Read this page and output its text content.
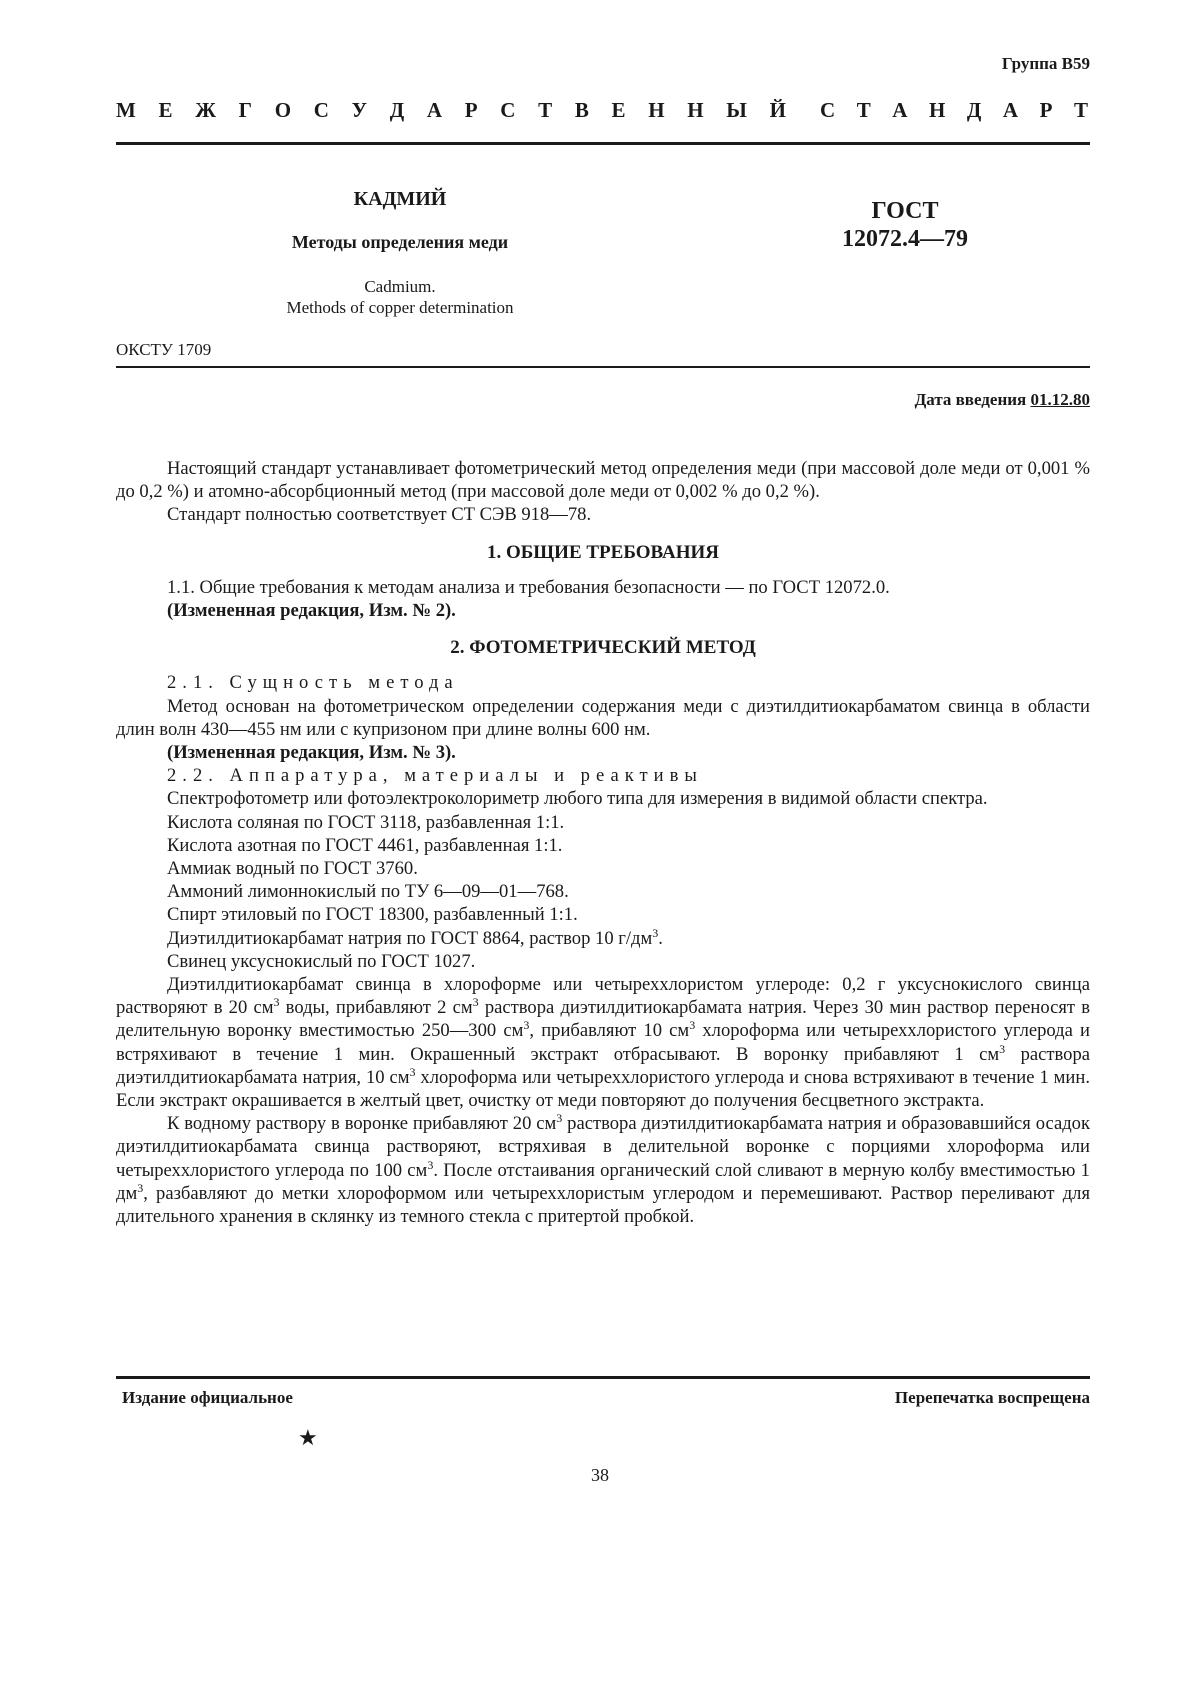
Группа В59
М Е Ж Г О С У Д А Р С Т В Е Н Н Ы Й С Т А Н Д А Р Т
КАДМИЙ
Методы определения меди
Cadmium.
Methods of copper determination
ГОСТ
12072.4—79
ОКСТУ 1709
Дата введения 01.12.80

Настоящий стандарт устанавливает фотометрический метод определения меди (при массовой доле меди от 0,001 % до 0,2 %) и атомно-абсорбционный метод (при массовой доле меди от 0,002 % до 0,2 %).

Стандарт полностью соответствует СТ СЭВ 918—78.

1. ОБЩИЕ ТРЕБОВАНИЯ

1.1. Общие требования к методам анализа и требования безопасности — по ГОСТ 12072.0.

(Измененная редакция, Изм. № 2).

2. ФОТОМЕТРИЧЕСКИЙ МЕТОД

2.1. Сущность метода

Метод основан на фотометрическом определении содержания меди с диэтилдитиокарбаматом свинца в области длин волн 430—455 нм или с купризоном при длине волны 600 нм.

(Измененная редакция, Изм. № 3).

2.2. Аппаратура, материалы и реактивы

Спектрофотометр или фотоэлектроколориметр любого типа для измерения в видимой области спектра.

Кислота соляная по ГОСТ 3118, разбавленная 1:1.

Кислота азотная по ГОСТ 4461, разбавленная 1:1.

Аммиак водный по ГОСТ 3760.

Аммоний лимоннокислый по ТУ 6—09—01—768.

Спирт этиловый по ГОСТ 18300, разбавленный 1:1.

Диэтилдитиокарбамат натрия по ГОСТ 8864, раствор 10 $г/дм^3$.

Свинец уксуснокислый по ГОСТ 1027.

Диэтилдитиокарбамат свинца в хлороформе или четыреххлористом углероде: 0,2 г уксуснокислого свинца растворяют в 20 $см^3$ воды, прибавляют 2 $см^3$ раствора диэтилдитиокарбамата натрия. Через 30 мин раствор переносят в делительную воронку вместимостью 250—300 $см^3$, прибавляют 10 $см^3$ хлороформа или четыреххлористого углерода и встряхивают в течение 1 мин. Окрашенный экстракт отбрасывают. В воронку прибавляют 1 $см^3$ раствора диэтилдитиокарбамата натрия, 10 $см^3$ хлороформа или четыреххлористого углерода и снова встряхивают в течение 1 мин. Если экстракт окрашивается в желтый цвет, очистку от меди повторяют до получения бесцветного экстракта.

К водному раствору в воронке прибавляют 20 $см^3$ раствора диэтилдитиокарбамата натрия и образовавшийся осадок диэтилдитиокарбамата свинца растворяют, встряхивая в делительной воронке с порциями хлороформа или четыреххлористого углерода по 100 $см^3$. После отстаивания органический слой сливают в мерную колбу вместимостью 1 $дм^3$, разбавляют до метки хлороформом или четыреххлористым углеродом и перемешивают. Раствор переливают для длительного хранения в склянку из темного стекла с притертой пробкой.

Издание официальное	Перепечатка воспрещена
★
38
